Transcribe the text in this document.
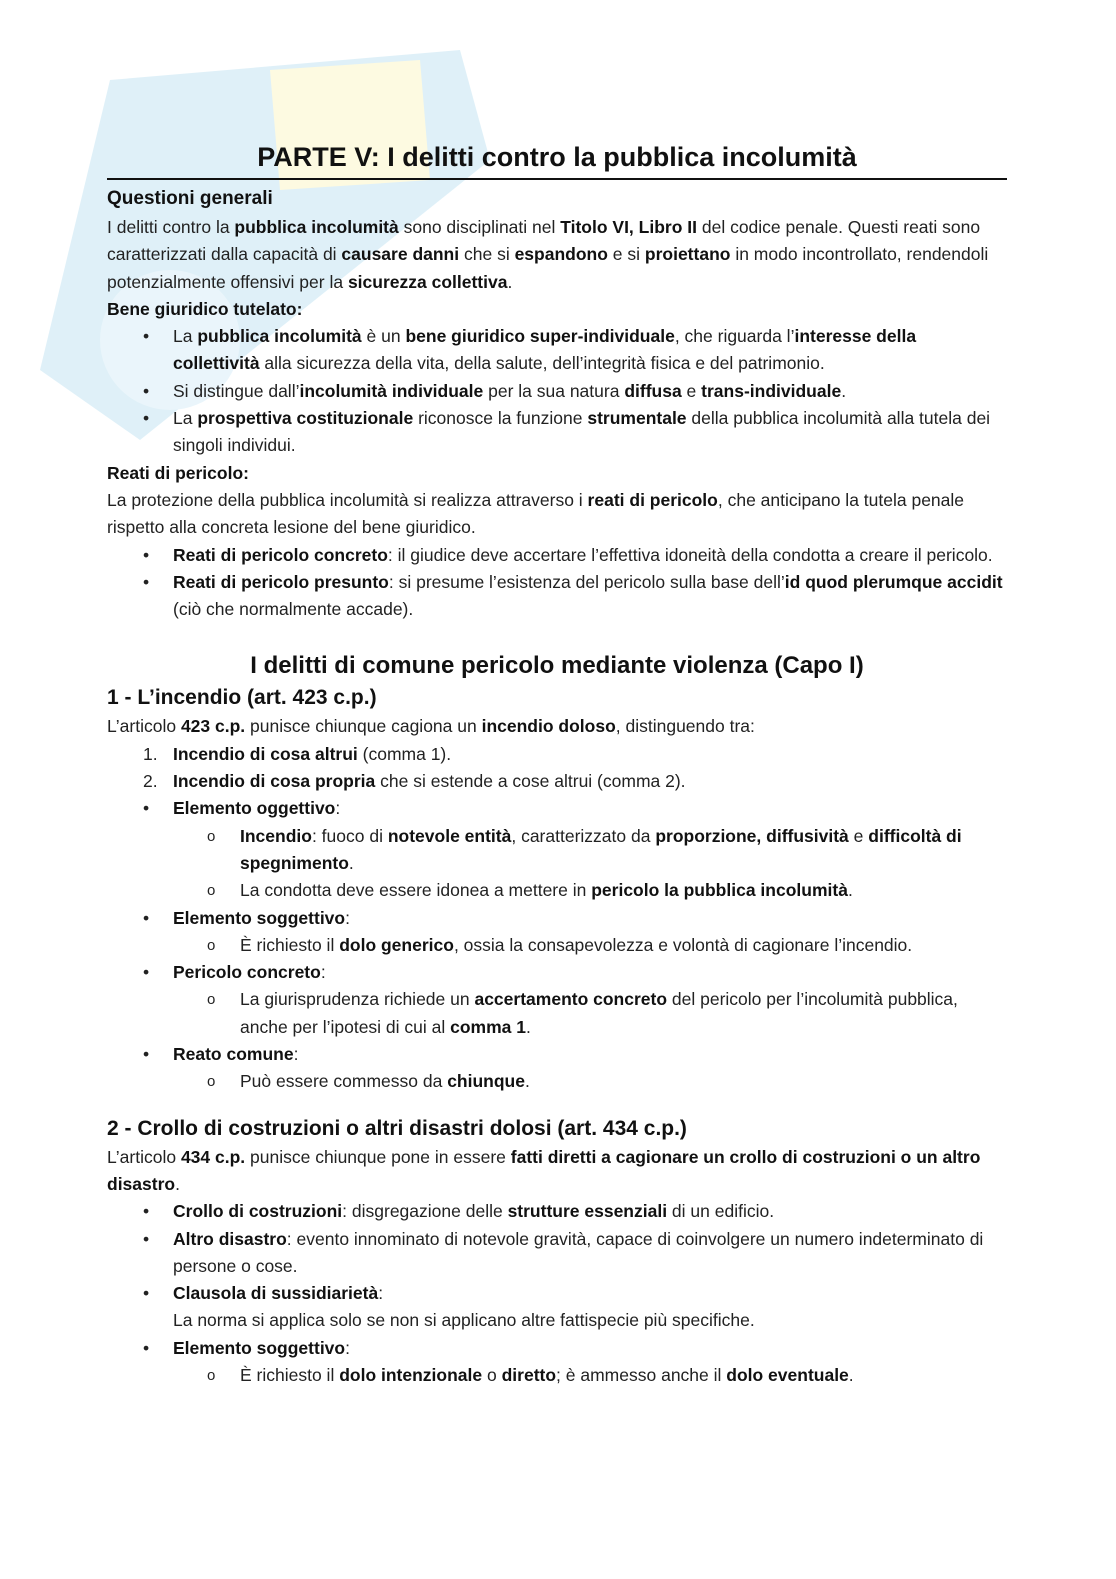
PARTE V: I delitti contro la pubblica incolumità
Questioni generali

I delitti contro la pubblica incolumità sono disciplinati nel Titolo VI, Libro II del codice penale. Questi reati sono caratterizzati dalla capacità di causare danni che si espandono e si proiettano in modo incontrollato, rendendoli potenzialmente offensivi per la sicurezza collettiva.

Bene giuridico tutelato:
•	La pubblica incolumità è un bene giuridico super-individuale, che riguarda l’interesse della collettività alla sicurezza della vita, della salute, dell’integrità fisica e del patrimonio.
•	Si distingue dall’incolumità individuale per la sua natura diffusa e trans-individuale.
•	La prospettiva costituzionale riconosce la funzione strumentale della pubblica incolumità alla tutela dei singoli individui.
Reati di pericolo:

La protezione della pubblica incolumità si realizza attraverso i reati di pericolo, che anticipano la tutela penale rispetto alla concreta lesione del bene giuridico.

•	Reati di pericolo concreto: il giudice deve accertare l’effettiva idoneità della condotta a creare il pericolo.
•	Reati di pericolo presunto: si presume l’esistenza del pericolo sulla base dell’id quod plerumque accidit (ciò che normalmente accade).
I delitti di comune pericolo mediante violenza (Capo I)
1 - L’incendio (art. 423 c.p.)

L’articolo 423 c.p. punisce chiunque cagiona un incendio doloso, distinguendo tra:

1. Incendio di cosa altrui (comma 1).
2. Incendio di cosa propria che si estende a cose altrui (comma 2).
•	Elemento oggettivo:
o	Incendio: fuoco di notevole entità, caratterizzato da proporzione, diffusività e difficoltà di spegnimento.
o	La condotta deve essere idonea a mettere in pericolo la pubblica incolumità.
•	Elemento soggettivo:
o	È richiesto il dolo generico, ossia la consapevolezza e volontà di cagionare l’incendio.
•	Pericolo concreto:
o	La giurisprudenza richiede un accertamento concreto del pericolo per l’incolumità pubblica, anche per l’ipotesi di cui al comma 1.
•	Reato comune:
o	Può essere commesso da chiunque.
2 - Crollo di costruzioni o altri disastri dolosi (art. 434 c.p.)

L’articolo 434 c.p. punisce chiunque pone in essere fatti diretti a cagionare un crollo di costruzioni o un altro disastro.

•	Crollo di costruzioni: disgregazione delle strutture essenziali di un edificio.
•	Altro disastro: evento innominato di notevole gravità, capace di coinvolgere un numero indeterminato di persone o cose.
•	Clausola di sussidiarietà:
La norma si applica solo se non si applicano altre fattispecie più specifiche.
•	Elemento soggettivo:
o	È richiesto il dolo intenzionale o diretto; è ammesso anche il dolo eventuale.
